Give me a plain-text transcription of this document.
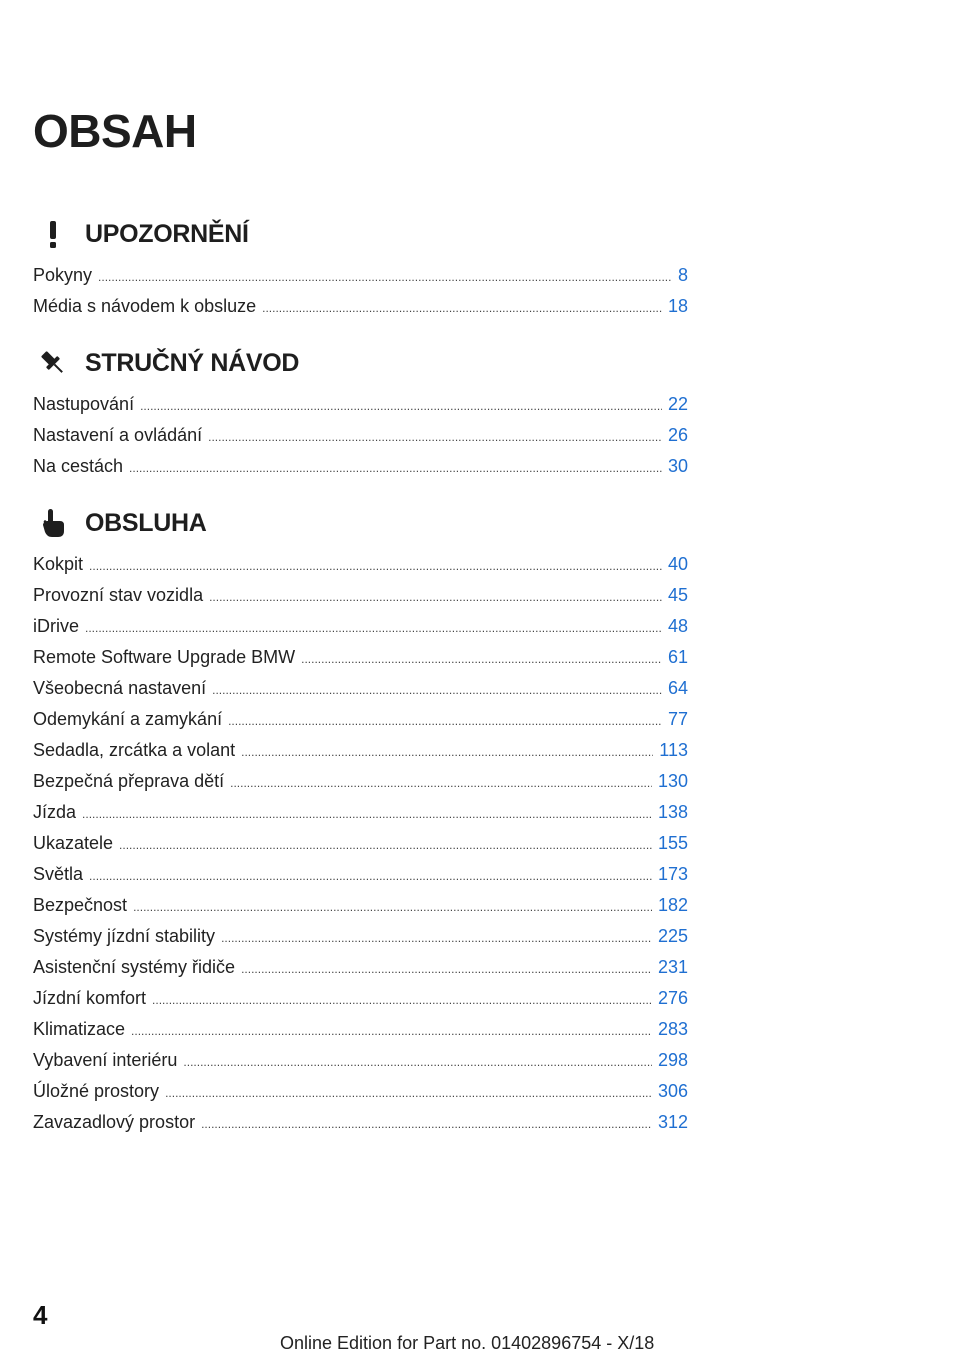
OBSAH
UPOZORNĚNÍ
Pokyny .....	8
Média s návodem k obsluze .....	18
STRUČNÝ NÁVOD
Nastupování .....	22
Nastavení a ovládání .....	26
Na cestách .....	30
OBSLUHA
Kokpit .....	40
Provozní stav vozidla .....	45
iDrive .....	48
Remote Software Upgrade BMW .....	61
Všeobecná nastavení .....	64
Odemykání a zamykání .....	77
Sedadla, zrcátka a volant .....	113
Bezpečná přeprava dětí .....	130
Jízda .....	138
Ukazatele .....	155
Světla .....	173
Bezpečnost .....	182
Systémy jízdní stability .....	225
Asistenční systémy řidiče .....	231
Jízdní komfort .....	276
Klimatizace .....	283
Vybavení interiéru .....	298
Úložné prostory .....	306
Zavazadlový prostor .....	312
4
Online Edition for Part no. 01402896754 - X/18
